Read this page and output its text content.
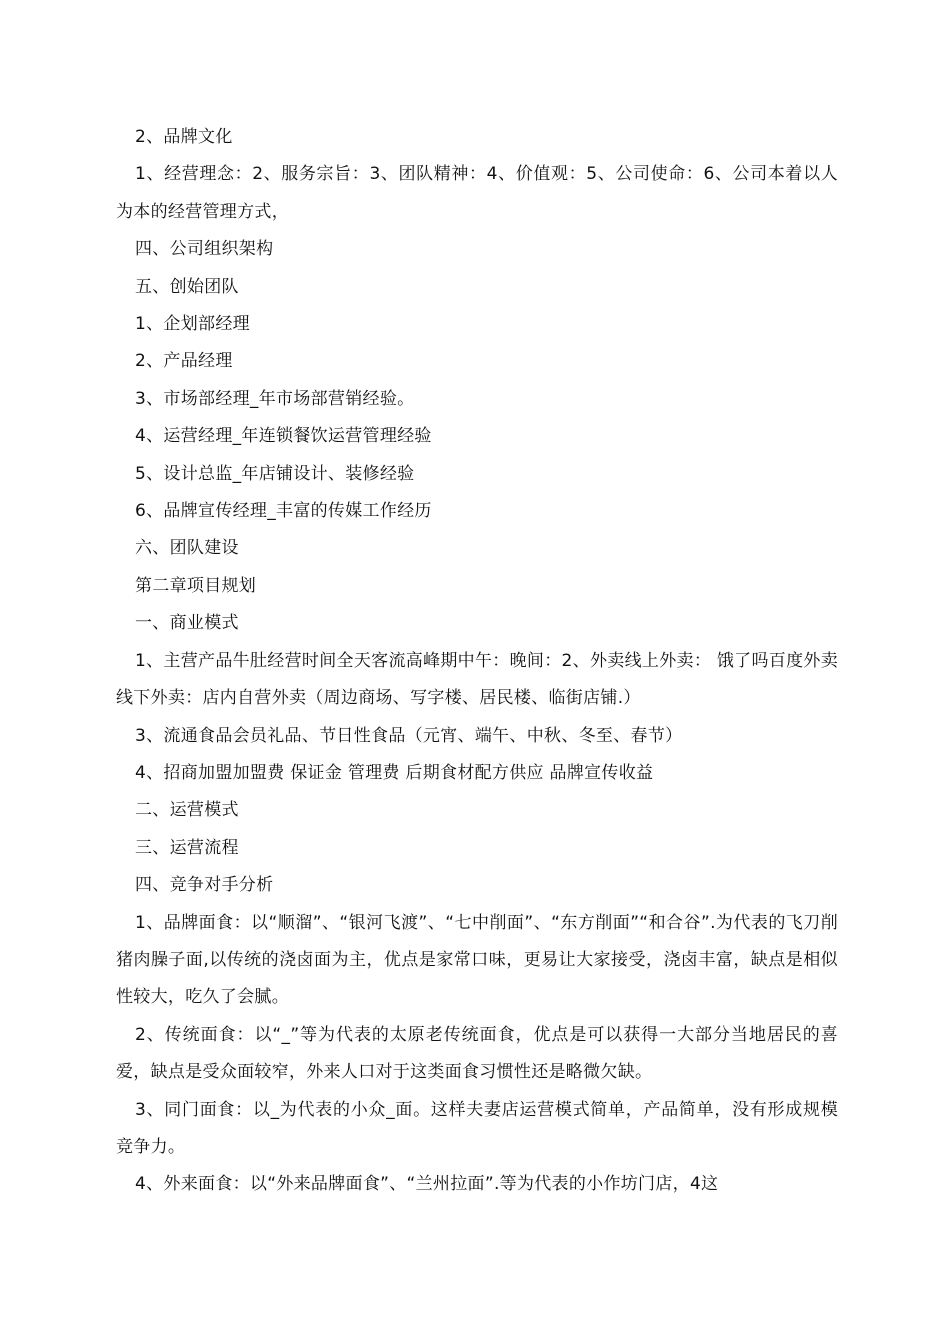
2、品牌文化

1、经营理念：2、服务宗旨：3、团队精神：4、价值观：5、公司使命：6、公司本着以人为本的经营管理方式，

四、公司组织架构

五、创始团队

1、企划部经理

2、产品经理

3、市场部经理_年市场部营销经验。

4、运营经理_年连锁餐饮运营管理经验

5、设计总监_年店铺设计、装修经验

6、品牌宣传经理_丰富的传媒工作经历

六、团队建设

第二章项目规划

一、商业模式

1、主营产品牛肚经营时间全天客流高峰期中午：晚间：2、外卖线上外卖： 饿了吗百度外卖线下外卖：店内自营外卖（周边商场、写字楼、居民楼、临街店铺.）

3、流通食品会员礼品、节日性食品（元宵、端午、中秋、冬至、春节）

4、招商加盟加盟费 保证金 管理费 后期食材配方供应 品牌宣传收益

二、运营模式

三、运营流程

四、竞争对手分析

1、品牌面食：以“顺溜”、“银河飞渡”、“七中削面”、“东方削面”“和合谷”.为代表的飞刀削猪肉臊子面,以传统的浇卤面为主，优点是家常口味，更易让大家接受，浇卤丰富，缺点是相似性较大，吃久了会腻。

2、传统面食：以“_”等为代表的太原老传统面食，优点是可以获得一大部分当地居民的喜爱，缺点是受众面较窄，外来人口对于这类面食习惯性还是略微欠缺。

3、同门面食：以_为代表的小众_面。这样夫妻店运营模式简单，产品简单，没有形成规模竞争力。

4、外来面食：以“外来品牌面食”、“兰州拉面”.等为代表的小作坊门店，4这
